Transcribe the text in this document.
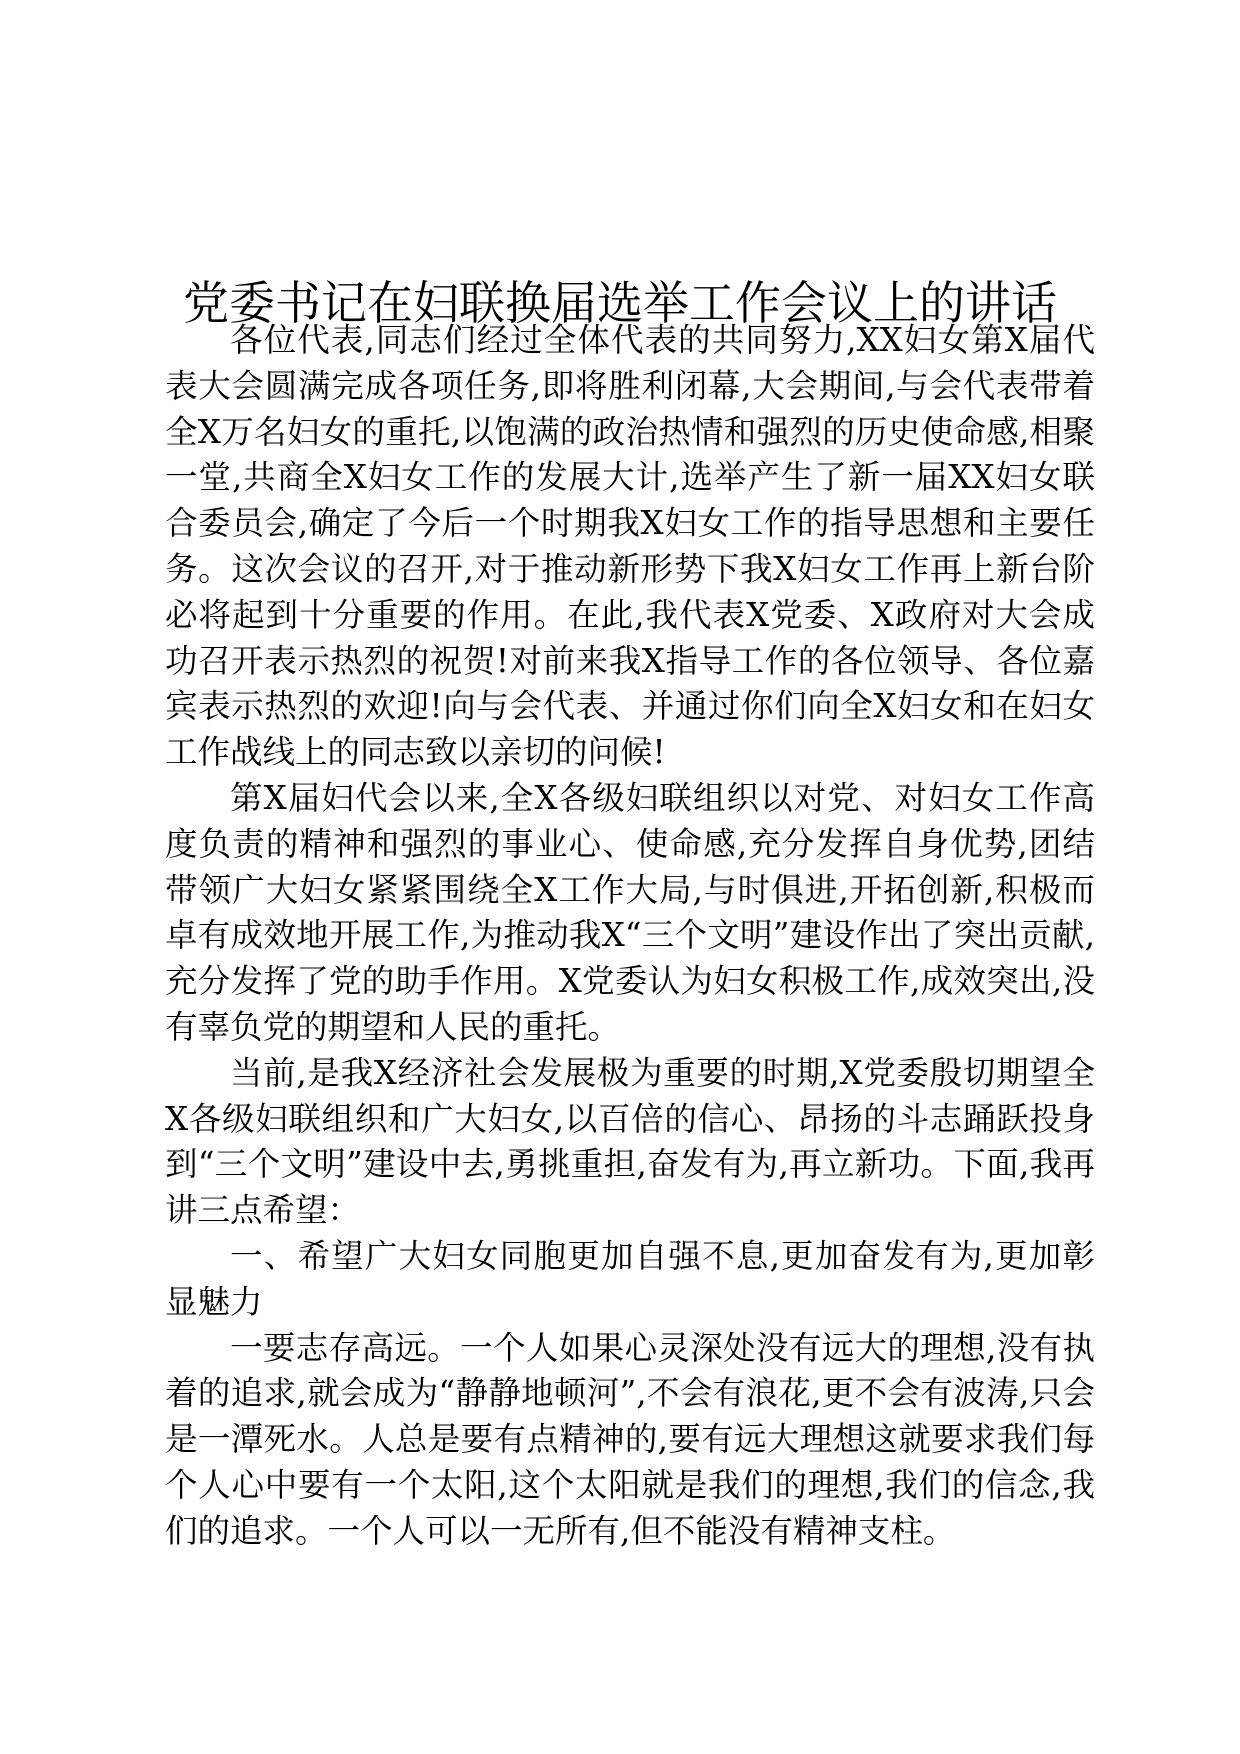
党委书记在妇联换届选举工作会议上的讲话

各位代表,同志们经过全体代表的共同努力,XX妇女第X届代表大会圆满完成各项任务,即将胜利闭幕,大会期间,与会代表带着全X万名妇女的重托,以饱满的政治热情和强烈的历史使命感,相聚一堂,共商全X妇女工作的发展大计,选举产生了新一届XX妇女联合委员会,确定了今后一个时期我X妇女工作的指导思想和主要任务。这次会议的召开,对于推动新形势下我X妇女工作再上新台阶必将起到十分重要的作用。在此,我代表X党委、X政府对大会成功召开表示热烈的祝贺!对前来我X指导工作的各位领导、各位嘉宾表示热烈的欢迎!向与会代表、并通过你们向全X妇女和在妇女工作战线上的同志致以亲切的问候!

第X届妇代会以来,全X各级妇联组织以对党、对妇女工作高度负责的精神和强烈的事业心、使命感,充分发挥自身优势,团结带领广大妇女紧紧围绕全X工作大局,与时俱进,开拓创新,积极而卓有成效地开展工作,为推动我X“三个文明”建设作出了突出贡献,充分发挥了党的助手作用。X党委认为妇女积极工作,成效突出,没有辜负党的期望和人民的重托。

当前,是我X经济社会发展极为重要的时期,X党委殷切期望全X各级妇联组织和广大妇女,以百倍的信心、昂扬的斗志踊跃投身到“三个文明”建设中去,勇挑重担,奋发有为,再立新功。下面,我再讲三点希望：

一、希望广大妇女同胞更加自强不息,更加奋发有为,更加彰显魅力

一要志存高远。一个人如果心灵深处没有远大的理想,没有执着的追求,就会成为“静静地顿河”,不会有浪花,更不会有波涛,只会是一潭死水。人总是要有点精神的,要有远大理想这就要求我们每个人心中要有一个太阳,这个太阳就是我们的理想,我们的信念,我们的追求。一个人可以一无所有,但不能没有精神支柱。
